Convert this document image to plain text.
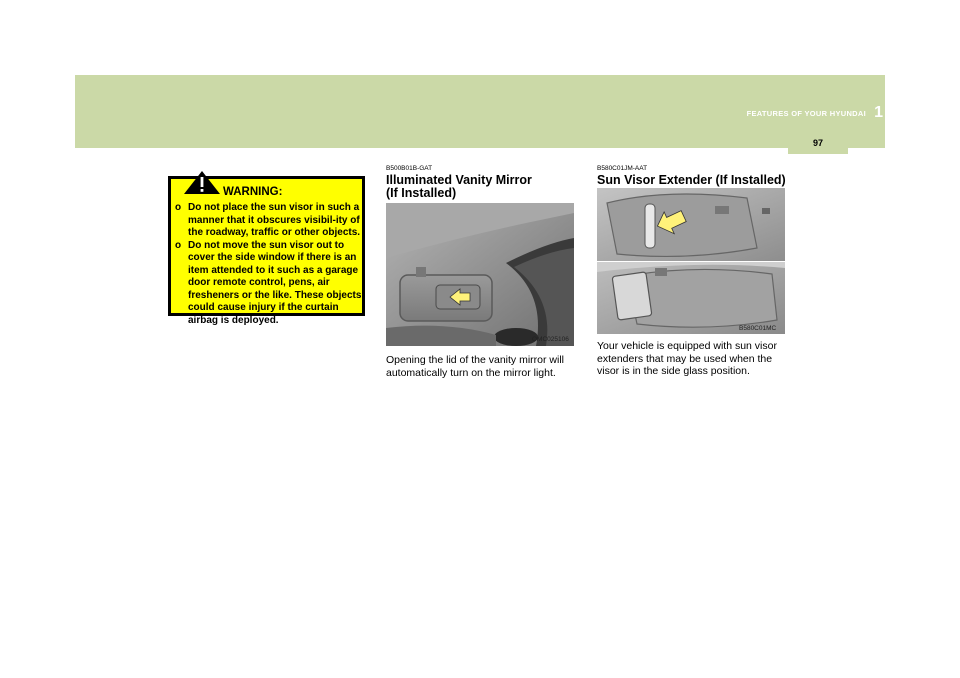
FEATURES OF YOUR HYUNDAI 1
97
WARNING:
o Do not place the sun visor in such a manner that it obscures visibil-ity of the roadway, traffic or other objects.
o Do not move the sun visor out to cover the side window if there is an item attended to it such as a garage door remote control, pens, air fresheners or the like. These objects could cause injury if the curtain airbag is deployed.
B500B01B-GAT
Illuminated Vanity Mirror
(If Installed)
OMC025106
Opening the lid of the vanity mirror will automatically turn on the mirror light.
B580C01JM-AAT
Sun Visor Extender (If Installed)
B580C01MC
Your vehicle is equipped with sun visor extenders that may be used when the visor is in the side glass position.
